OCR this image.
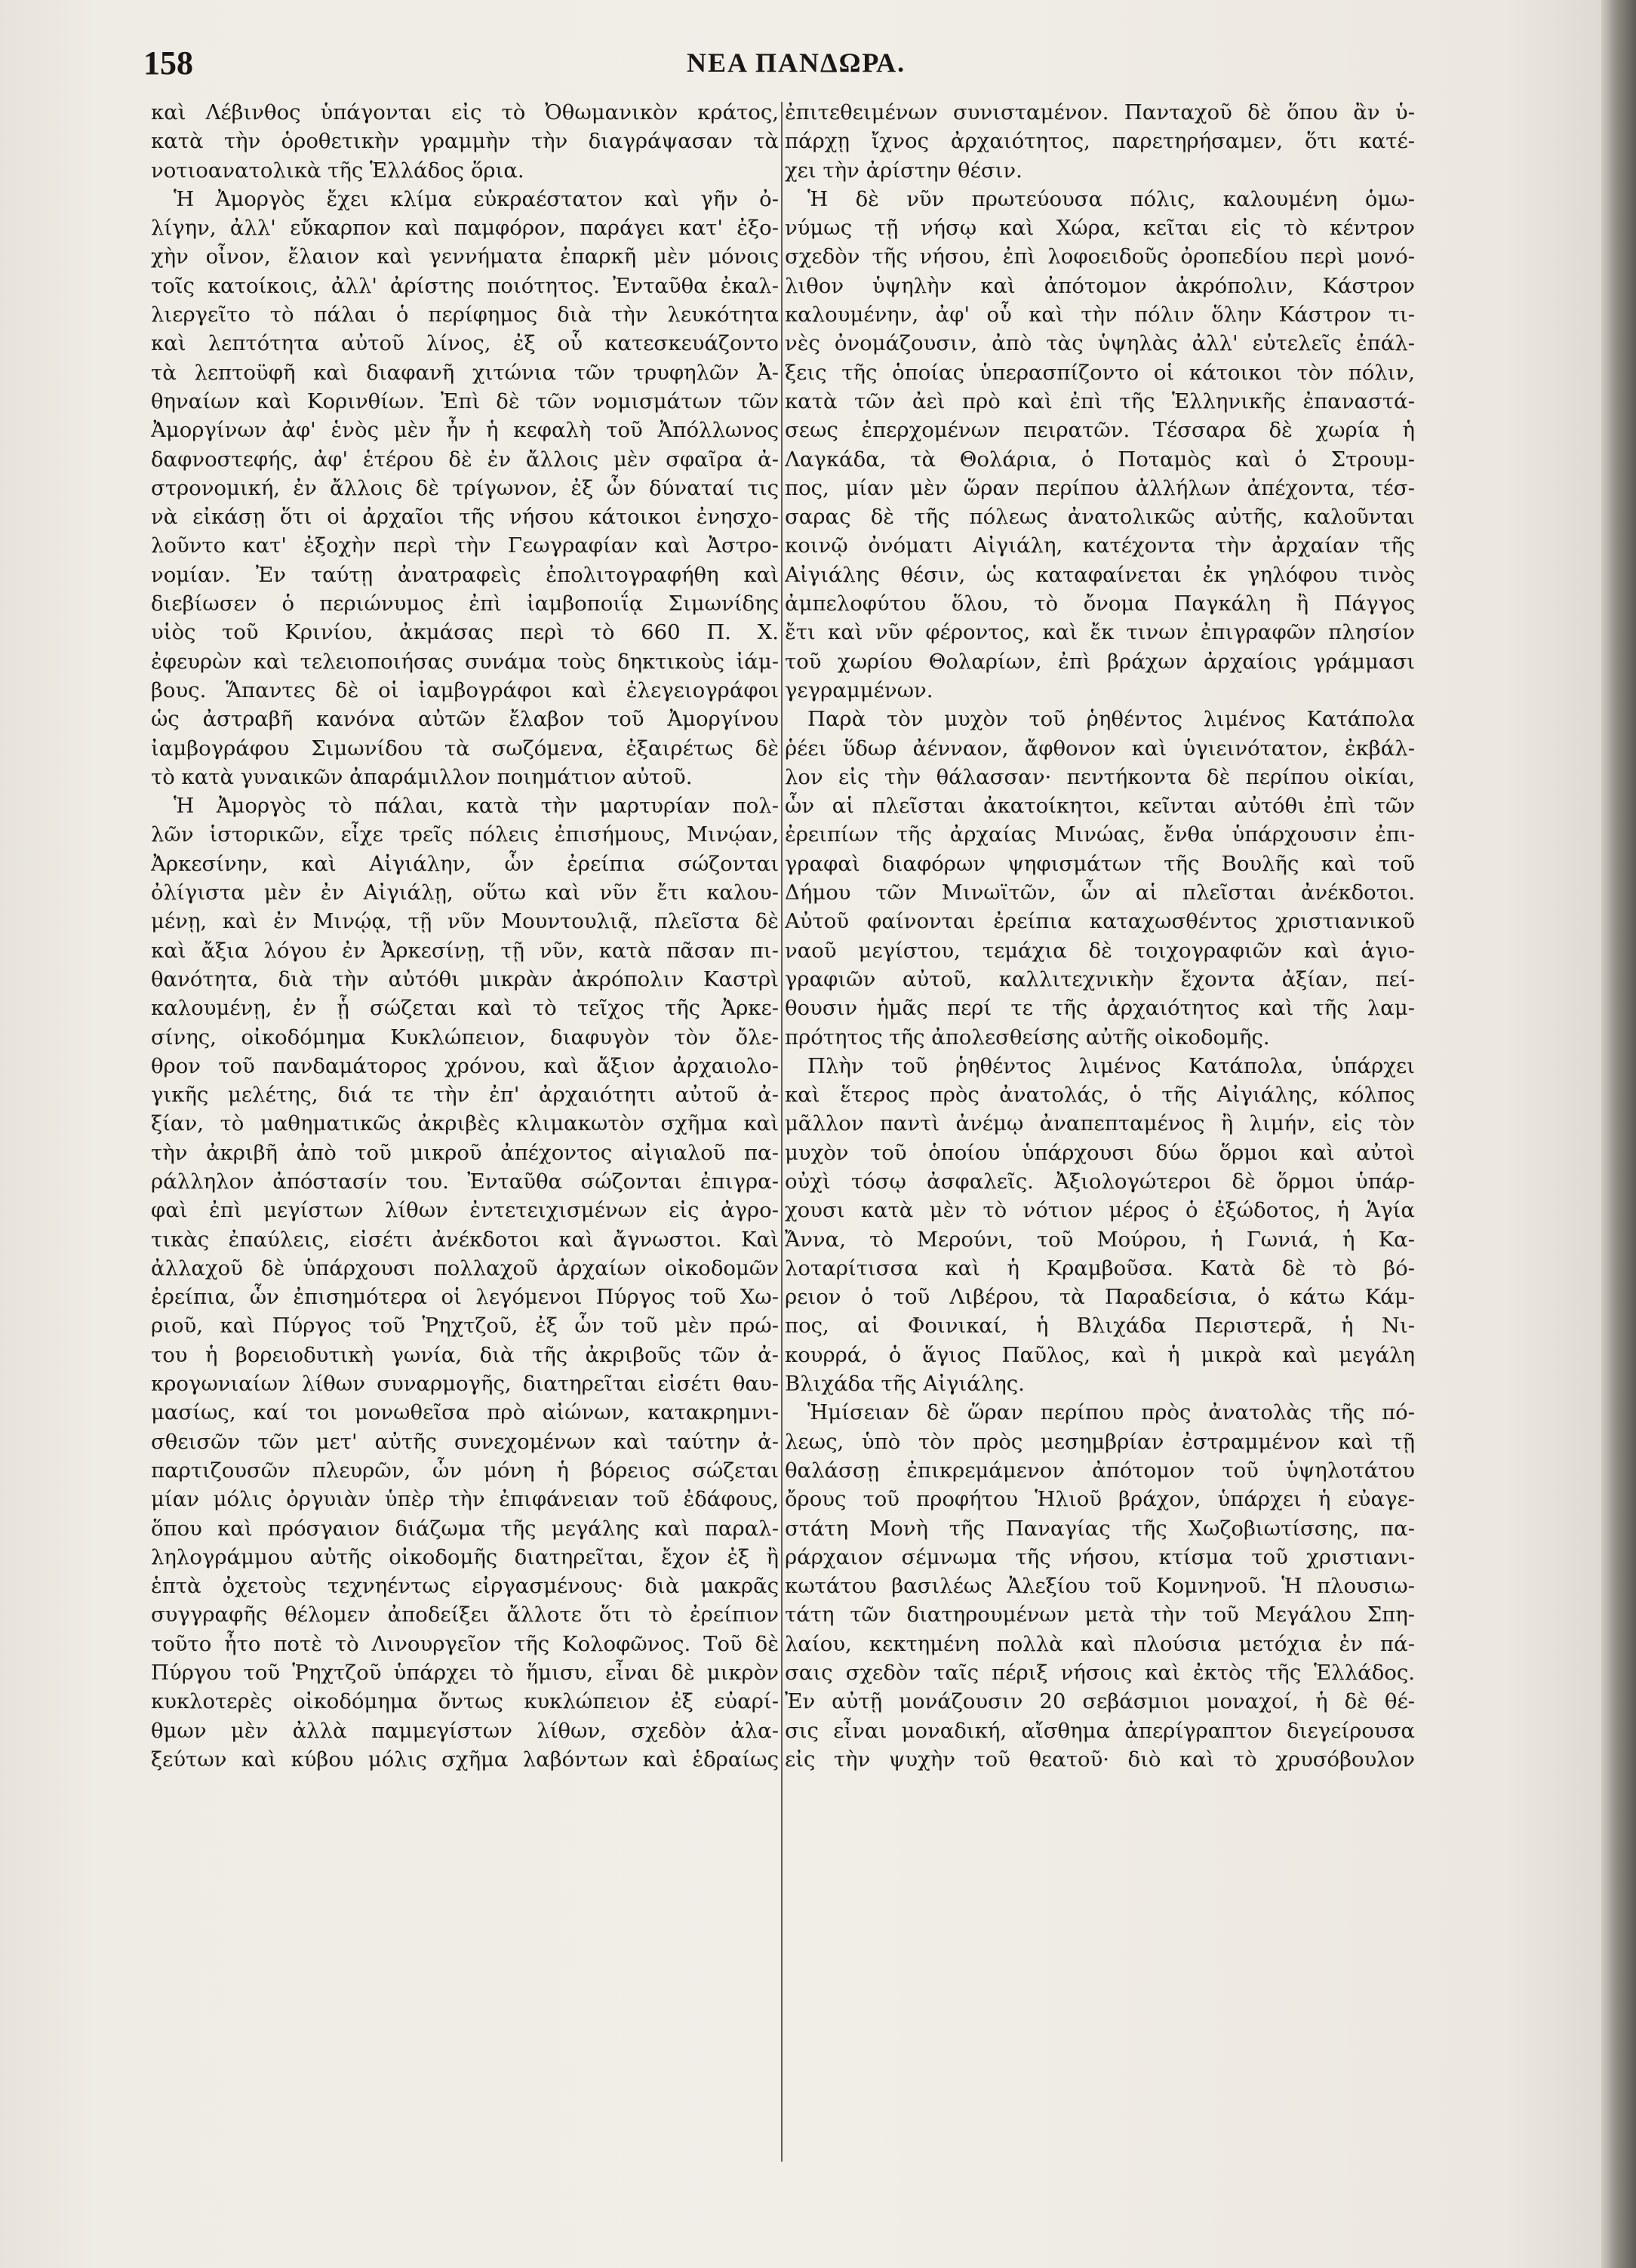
158	ΝΕΑ ΠΑΝΔΩΡΑ.
καὶ Λέβινθος ὑπάγονται εἰς τὸ Ὀθωμανικὸν κράτος,
κατὰ τὴν ὁροθετικὴν γραμμὴν τὴν διαγράψασαν τὰ
νοτιοανατολικὰ τῆς Ἑλλάδος ὅρια.
Ἡ Ἀμοργὸς ἔχει κλίμα εὐκραέστατον καὶ γῆν ὀ-
λίγην, ἀλλ' εὔκαρπον καὶ παμφόρον, παράγει κατ' ἐξο-
χὴν οἶνον, ἔλαιον καὶ γεννήματα ἐπαρκῆ μὲν μόνοις
τοῖς κατοίκοις, ἀλλ' ἀρίστης ποιότητος. Ἐνταῦθα ἐκαλ-
λιεργεῖτο τὸ πάλαι ὁ περίφημος διὰ τὴν λευκότητα
καὶ λεπτότητα αὐτοῦ λίνος, ἐξ οὗ κατεσκευάζοντο
τὰ λεπτοϋφῆ καὶ διαφανῆ χιτώνια τῶν τρυφηλῶν Ἀ-
θηναίων καὶ Κορινθίων. Ἐπὶ δὲ τῶν νομισμάτων τῶν
Ἀμοργίνων ἀφ' ἑνὸς μὲν ἦν ἡ κεφαλὴ τοῦ Ἀπόλλωνος
δαφνοστεφής, ἀφ' ἑτέρου δὲ ἐν ἄλλοις μὲν σφαῖρα ἀ-
στρονομική, ἐν ἄλλοις δὲ τρίγωνον, ἐξ ὧν δύναταί τις
νὰ εἰκάσῃ ὅτι οἱ ἀρχαῖοι τῆς νήσου κάτοικοι ἐνησχο-
λοῦντο κατ' ἐξοχὴν περὶ τὴν Γεωγραφίαν καὶ Ἀστρο-
νομίαν. Ἐν ταύτῃ ἀνατραφεὶς ἐπολιτογραφήθη καὶ
διεβίωσεν ὁ περιώνυμος ἐπὶ ἰαμβοποιΐᾳ Σιμωνίδης
υἱὸς τοῦ Κρινίου, ἀκμάσας περὶ τὸ 660 Π. Χ.
ἐφευρὼν καὶ τελειοποιήσας συνάμα τοὺς δηκτικοὺς ἰάμ-
βους. Ἅπαντες δὲ οἱ ἰαμβογράφοι καὶ ἐλεγειογράφοι
ὡς ἀστραβῆ κανόνα αὐτῶν ἔλαβον τοῦ Ἀμοργίνου
ἰαμβογράφου Σιμωνίδου τὰ σωζόμενα, ἐξαιρέτως δὲ
τὸ κατὰ γυναικῶν ἀπαράμιλλον ποιημάτιον αὐτοῦ.
Ἡ Ἀμοργὸς τὸ πάλαι, κατὰ τὴν μαρτυρίαν πολ-
λῶν ἱστορικῶν, εἶχε τρεῖς πόλεις ἐπισήμους, Μινῴαν,
Ἀρκεσίνην, καὶ Αἰγιάλην, ὧν ἐρείπια σώζονται
ὀλίγιστα μὲν ἐν Αἰγιάλῃ, οὕτω καὶ νῦν ἔτι καλου-
μένῃ, καὶ ἐν Μινῴᾳ, τῇ νῦν Μουντουλιᾷ, πλεῖστα δὲ
καὶ ἄξια λόγου ἐν Ἀρκεσίνῃ, τῇ νῦν, κατὰ πᾶσαν πι-
θανότητα, διὰ τὴν αὐτόθι μικρὰν ἀκρόπολιν Καστρὶ
καλουμένῃ, ἐν ᾗ σώζεται καὶ τὸ τεῖχος τῆς Ἀρκε-
σίνης, οἰκοδόμημα Κυκλώπειον, διαφυγὸν τὸν ὄλε-
θρον τοῦ πανδαμάτορος χρόνου, καὶ ἄξιον ἀρχαιολο-
γικῆς μελέτης, διά τε τὴν ἐπ' ἀρχαιότητι αὐτοῦ ἀ-
ξίαν, τὸ μαθηματικῶς ἀκριβὲς κλιμακωτὸν σχῆμα καὶ
τὴν ἀκριβῆ ἀπὸ τοῦ μικροῦ ἀπέχοντος αἰγιαλοῦ πα-
ράλληλον ἀπόστασίν του. Ἐνταῦθα σώζονται ἐπιγρα-
φαὶ ἐπὶ μεγίστων λίθων ἐντετειχισμένων εἰς ἀγρο-
τικὰς ἐπαύλεις, εἰσέτι ἀνέκδοτοι καὶ ἄγνωστοι. Καὶ
ἀλλαχοῦ δὲ ὑπάρχουσι πολλαχοῦ ἀρχαίων οἰκοδομῶν
ἐρείπια, ὧν ἐπισημότερα οἱ λεγόμενοι Πύργος τοῦ Χω-
ριοῦ, καὶ Πύργος τοῦ Ῥηχτζοῦ, ἐξ ὧν τοῦ μὲν πρώ-
του ἡ βορειοδυτικὴ γωνία, διὰ τῆς ἀκριβοῦς τῶν ἀ-
κρογωνιαίων λίθων συναρμογῆς, διατηρεῖται εἰσέτι θαυ-
μασίως, καί τοι μονωθεῖσα πρὸ αἰώνων, κατακρημνι-
σθεισῶν τῶν μετ' αὐτῆς συνεχομένων καὶ ταύτην ἀ-
παρτιζουσῶν πλευρῶν, ὧν μόνη ἡ βόρειος σώζεται
μίαν μόλις ὀργυιὰν ὑπὲρ τὴν ἐπιφάνειαν τοῦ ἐδάφους,
ὅπου καὶ πρόσγαιον διάζωμα τῆς μεγάλης καὶ παραλ-
ληλογράμμου αὐτῆς οἰκοδομῆς διατηρεῖται, ἔχον ἐξ ἢ
ἑπτὰ ὀχετοὺς τεχνηέντως εἰργασμένους· διὰ μακρᾶς
συγγραφῆς θέλομεν ἀποδείξει ἄλλοτε ὅτι τὸ ἐρείπιον
τοῦτο ἦτο ποτὲ τὸ Λινουργεῖον τῆς Κολοφῶνος. Τοῦ δὲ
Πύργου τοῦ Ῥηχτζοῦ ὑπάρχει τὸ ἥμισυ, εἶναι δὲ μικρὸν
κυκλοτερὲς οἰκοδόμημα ὄντως κυκλώπειον ἐξ εὐαρί-
θμων μὲν ἀλλὰ παμμεγίστων λίθων, σχεδὸν ἀλα-
ξεύτων καὶ κύβου μόλις σχῆμα λαβόντων καὶ ἑδραίως
ἐπιτεθειμένων συνισταμένον. Πανταχοῦ δὲ ὅπου ἂν ὑ-
πάρχῃ ἴχνος ἀρχαιότητος, παρετηρήσαμεν, ὅτι κατέ-
χει τὴν ἀρίστην θέσιν.
Ἡ δὲ νῦν πρωτεύουσα πόλις, καλουμένη ὁμω-
νύμως τῇ νήσῳ καὶ Χώρα, κεῖται εἰς τὸ κέντρον
σχεδὸν τῆς νήσου, ἐπὶ λοφοειδοῦς ὀροπεδίου περὶ μονό-
λιθον ὑψηλὴν καὶ ἀπότομον ἀκρόπολιν, Κάστρον
καλουμένην, ἀφ' οὗ καὶ τὴν πόλιν ὅλην Κάστρον τι-
νὲς ὀνομάζουσιν, ἀπὸ τὰς ὑψηλὰς ἀλλ' εὐτελεῖς ἐπάλ-
ξεις τῆς ὁποίας ὑπερασπίζοντο οἱ κάτοικοι τὸν πόλιν,
κατὰ τῶν ἀεὶ πρὸ καὶ ἐπὶ τῆς Ἑλληνικῆς ἐπαναστά-
σεως ἐπερχομένων πειρατῶν. Τέσσαρα δὲ χωρία ἡ
Λαγκάδα, τὰ Θολάρια, ὁ Ποταμὸς καὶ ὁ Στρουμ-
πος, μίαν μὲν ὥραν περίπου ἀλλήλων ἀπέχοντα, τέσ-
σαρας δὲ τῆς πόλεως ἀνατολικῶς αὐτῆς, καλοῦνται
κοινῷ ὀνόματι Αἰγιάλη, κατέχοντα τὴν ἀρχαίαν τῆς
Αἰγιάλης θέσιν, ὡς καταφαίνεται ἐκ γηλόφου τινὸς
ἀμπελοφύτου ὅλου, τὸ ὄνομα Παγκάλη ἢ Πάγγος
ἔτι καὶ νῦν φέροντος, καὶ ἔκ τινων ἐπιγραφῶν πλησίον
τοῦ χωρίου Θολαρίων, ἐπὶ βράχων ἀρχαίοις γράμμασι
γεγραμμένων.
Παρὰ τὸν μυχὸν τοῦ ῥηθέντος λιμένος Κατάπολα
ῥέει ὕδωρ ἀένναον, ἄφθονον καὶ ὑγιεινότατον, ἐκβάλ-
λον εἰς τὴν θάλασσαν· πεντήκοντα δὲ περίπου οἰκίαι,
ὧν αἱ πλεῖσται ἀκατοίκητοι, κεῖνται αὐτόθι ἐπὶ τῶν
ἐρειπίων τῆς ἀρχαίας Μινώας, ἔνθα ὑπάρχουσιν ἐπι-
γραφαὶ διαφόρων ψηφισμάτων τῆς Βουλῆς καὶ τοῦ
Δήμου τῶν Μινωϊτῶν, ὧν αἱ πλεῖσται ἀνέκδοτοι.
Αὐτοῦ φαίνονται ἐρείπια καταχωσθέντος χριστιανικοῦ
ναοῦ μεγίστου, τεμάχια δὲ τοιχογραφιῶν καὶ ἁγιο-
γραφιῶν αὐτοῦ, καλλιτεχνικὴν ἔχοντα ἀξίαν, πεί-
θουσιν ἡμᾶς περί τε τῆς ἀρχαιότητος καὶ τῆς λαμ-
πρότητος τῆς ἀπολεσθείσης αὐτῆς οἰκοδομῆς.
Πλὴν τοῦ ῥηθέντος λιμένος Κατάπολα, ὑπάρχει
καὶ ἕτερος πρὸς ἀνατολάς, ὁ τῆς Αἰγιάλης, κόλπος
μᾶλλον παντὶ ἀνέμῳ ἀναπεπταμένος ἢ λιμήν, εἰς τὸν
μυχὸν τοῦ ὁποίου ὑπάρχουσι δύω ὅρμοι καὶ αὐτοὶ
οὐχὶ τόσῳ ἀσφαλεῖς. Ἀξιολογώτεροι δὲ ὅρμοι ὑπάρ-
χουσι κατὰ μὲν τὸ νότιον μέρος ὁ ἐξώδοτος, ἡ Ἁγία
Ἄννα, τὸ Μερούνι, τοῦ Μούρου, ἡ Γωνιά, ἡ Κα-
λοταρίτισσα καὶ ἡ Κραμβοῦσα. Κατὰ δὲ τὸ βό-
ρειον ὁ τοῦ Λιβέρου, τὰ Παραδείσια, ὁ κάτω Κάμ-
πος, αἱ Φοινικαί, ἡ Βλιχάδα Περιστερᾶ, ἡ Νι-
κουρρά, ὁ ἅγιος Παῦλος, καὶ ἡ μικρὰ καὶ μεγάλη
Βλιχάδα τῆς Αἰγιάλης.
Ἡμίσειαν δὲ ὥραν περίπου πρὸς ἀνατολὰς τῆς πό-
λεως, ὑπὸ τὸν πρὸς μεσημβρίαν ἐστραμμένον καὶ τῇ
θαλάσσῃ ἐπικρεμάμενον ἀπότομον τοῦ ὑψηλοτάτου
ὄρους τοῦ προφήτου Ἡλιοῦ βράχον, ὑπάρχει ἡ εὐαγε-
στάτη Μονὴ τῆς Παναγίας τῆς Χωζοβιωτίσσης, πα-
ράρχαιον σέμνωμα τῆς νήσου, κτίσμα τοῦ χριστιανι-
κωτάτου βασιλέως Ἀλεξίου τοῦ Κομνηνοῦ. Ἡ πλουσιω-
τάτη τῶν διατηρουμένων μετὰ τὴν τοῦ Μεγάλου Σπη-
λαίου, κεκτημένη πολλὰ καὶ πλούσια μετόχια ἐν πά-
σαις σχεδὸν ταῖς πέριξ νήσοις καὶ ἐκτὸς τῆς Ἑλλάδος.
Ἐν αὐτῇ μονάζουσιν 20 σεβάσμιοι μοναχοί, ἡ δὲ θέ-
σις εἶναι μοναδική, αἴσθημα ἀπερίγραπτον διεγείρουσα
εἰς τὴν ψυχὴν τοῦ θεατοῦ· διὸ καὶ τὸ χρυσόβουλον
